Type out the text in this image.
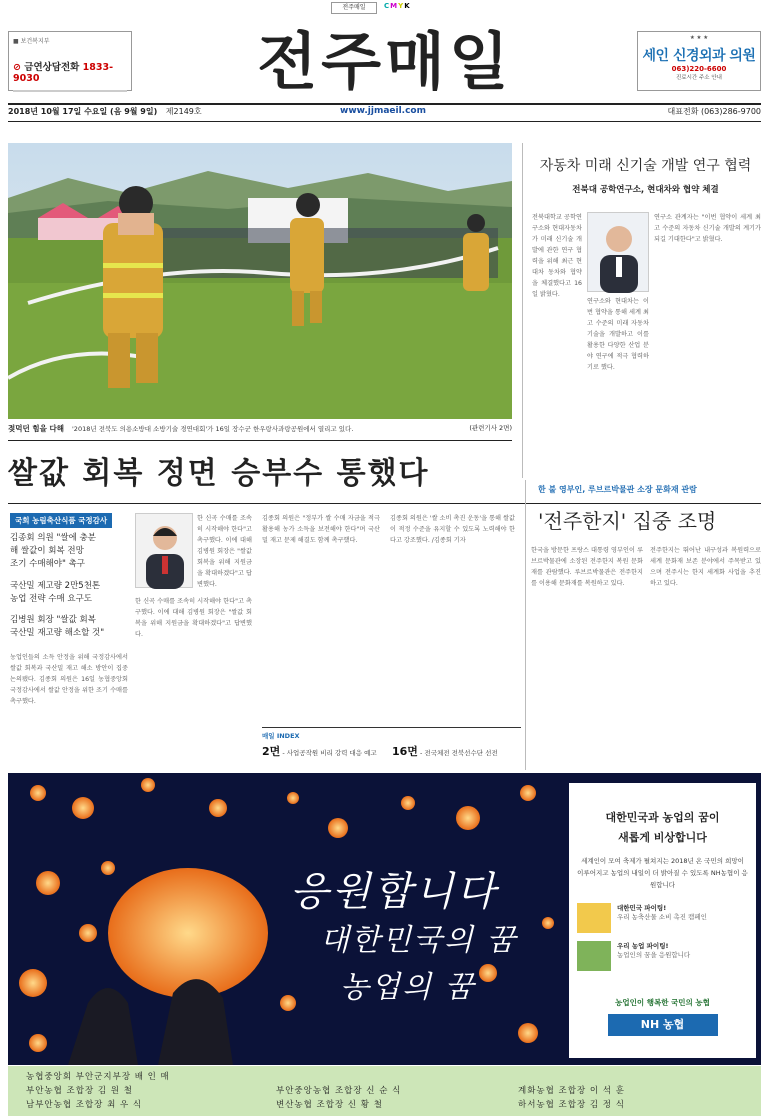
전주매일	CMYK
■ 보건복지부
⊘ 금연상담전화 1833-9030	전주매일	★ ★ ★
세인 신경외과 의원
063)220-6600
진료시간 주소 안내
2018년 10월 17일 수요일 (음 9월 9일) 제2149호	대표전화 (063)286-9700
www.jjmaeil.com
젖먹던 힘을 다해 '2018년 전북도 의용소방대 소방기술 경연대회'가 16일 장수군 한우랑사과랑공원에서 열리고 있다.	(관련기사 2면)
자동차 미래 신기술 개발 연구 협력
전북대 공학연구소, 현대차와 협약 체결
전북대학교 공학연구소와 현대자동차가 미래 신기술 개발에 관한 연구 협력을 위해 최근 현대차 동차와 협약을 체결했다고 16일 밝혔다.
연구소와 현대차는 이번 협약을 통해 세계 최고 수준의 미래 자동차 기술을 개발하고 이를 활용한 다양한 산업 분야 연구에 적극 협력하기로 했다.
연구소 관계자는 "이번 협약이 세계 최고 수준의 자동차 신기술 개발의 계기가 되길 기대한다"고 밝혔다.
쌀값 회복 정면 승부수 통했다
국회 농림축산식품 국정감사
김종회 의원 "쌀에 충분
해 쌀값이 회복 전망
조기 수매해야" 촉구
국산밀 제고량 2만5천톤
농업 전략 수매 요구도
김병원 회장 "쌀값 회복
국산밀 재고량 해소할 것"
농업인들의 소득 안정을 위해 국정감사에서 쌀값 회복과 국산밀 재고 해소 방안이 집중 논의됐다. 김종회 의원은 16일 농협중앙회 국정감사에서 쌀값 안정을 위한 조기 수매를 촉구했다.
한 신곡 수매를 조속히 시작해야 한다"고 촉구했다. 이에 대해 김병원 회장은 "쌀값 회복을 위해 지원금을 확대하겠다"고 답변했다.
한 신곡 수매를 조속히 시작해야 한다"고 촉구했다. 이에 대해 김병원 회장은 "쌀값 회복을 위해 지원금을 확대하겠다"고 답변했다.
김종회 의원은 "정부가 쌀 수매 자금을 적극 활용해 농가 소득을 보전해야 한다"며 국산밀 재고 문제 해결도 함께 촉구했다.
김종회 의원은 '쌀 소비 촉진 운동'을 통해 쌀값이 적정 수준을 유지할 수 있도록 노력해야 한다고 강조했다. /김종회 기자
한 불 영부인, 루브르박물관 소장 문화재 관람
'전주한지' 집중 조명
한국을 방문한 프랑스 대통령 영부인이 루브르박물관에 소장된 전주한지 복원 문화재를 관람했다. 루브르박물관은 전주한지를 이용해 문화재를 복원하고 있다.
전주한지는 뛰어난 내구성과 복원력으로 세계 문화재 보존 분야에서 주목받고 있으며 전주시는 한지 세계화 사업을 추진하고 있다.
매일 INDEX
2면 - 사업공작원 비리 강력 대응 예고 16면 - 전국체전 전북선수단 선전
응원합니다
대한민국의 꿈
농업의 꿈
대한민국과 농업의 꿈이
새롭게 비상합니다
세계인이 모여 축제가 펼쳐지는 2018년 온 국민의 희망이 이루어지고 농업의 내일이 더 밝아질 수 있도록 NH농협이 응원합니다
대한민국 파이팅!
우리 농축산물 소비 촉진 캠페인
우리 농업 파이팅!
농업인의 꿈을 응원합니다
농업인이 행복한 국민의 농협
NH 농협
농협중앙회 부안군지부장 배 인 매
부안농협 조합장 김 원 철	부안중앙농협 조합장 신 순 식	계화농협 조합장 이 석 훈
남부안농협 조합장 최 우 식	변산농협 조합장 신 황 철	하서농협 조합장 김 정 식
